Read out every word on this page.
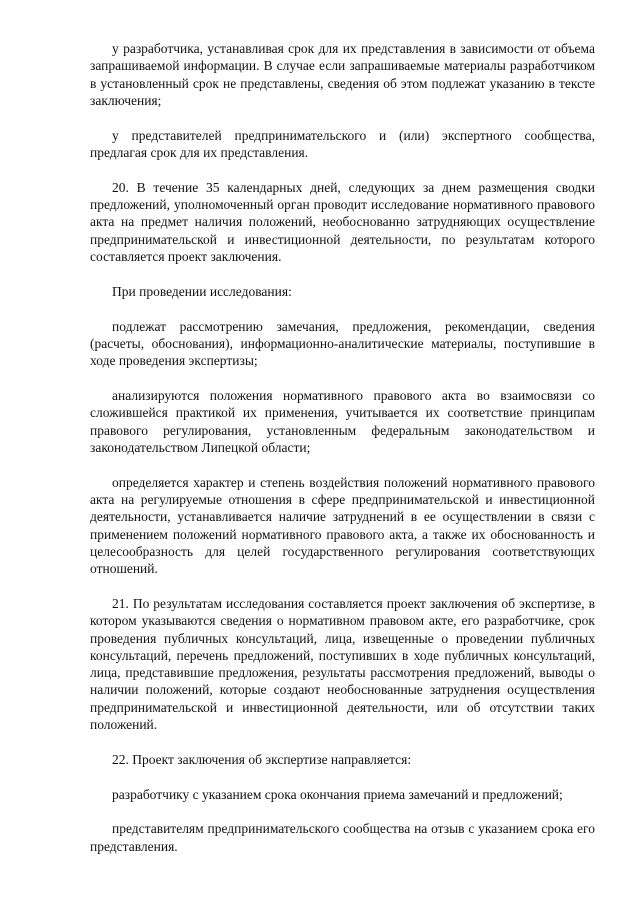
у разработчика, устанавливая срок для их представления в зависимости от объема запрашиваемой информации. В случае если запрашиваемые материалы разработчиком в установленный срок не представлены, сведения об этом подлежат указанию в тексте заключения;

у представителей предпринимательского и (или) экспертного сообщества, предлагая срок для их представления.

20. В течение 35 календарных дней, следующих за днем размещения сводки предложений, уполномоченный орган проводит исследование нормативного правового акта на предмет наличия положений, необоснованно затрудняющих осуществление предпринимательской и инвестиционной деятельности, по результатам которого составляется проект заключения.

При проведении исследования:

подлежат рассмотрению замечания, предложения, рекомендации, сведения (расчеты, обоснования), информационно-аналитические материалы, поступившие в ходе проведения экспертизы;

анализируются положения нормативного правового акта во взаимосвязи со сложившейся практикой их применения, учитывается их соответствие принципам правового регулирования, установленным федеральным законодательством и законодательством Липецкой области;

определяется характер и степень воздействия положений нормативного правового акта на регулируемые отношения в сфере предпринимательской и инвестиционной деятельности, устанавливается наличие затруднений в ее осуществлении в связи с применением положений нормативного правового акта, а также их обоснованность и целесообразность для целей государственного регулирования соответствующих отношений.

21. По результатам исследования составляется проект заключения об экспертизе, в котором указываются сведения о нормативном правовом акте, его разработчике, срок проведения публичных консультаций, лица, извещенные о проведении публичных консультаций, перечень предложений, поступивших в ходе публичных консультаций, лица, представившие предложения, результаты рассмотрения предложений, выводы о наличии положений, которые создают необоснованные затруднения осуществления предпринимательской и инвестиционной деятельности, или об отсутствии таких положений.

22. Проект заключения об экспертизе направляется:

разработчику с указанием срока окончания приема замечаний и предложений;

представителям предпринимательского сообщества на отзыв с указанием срока его представления.
